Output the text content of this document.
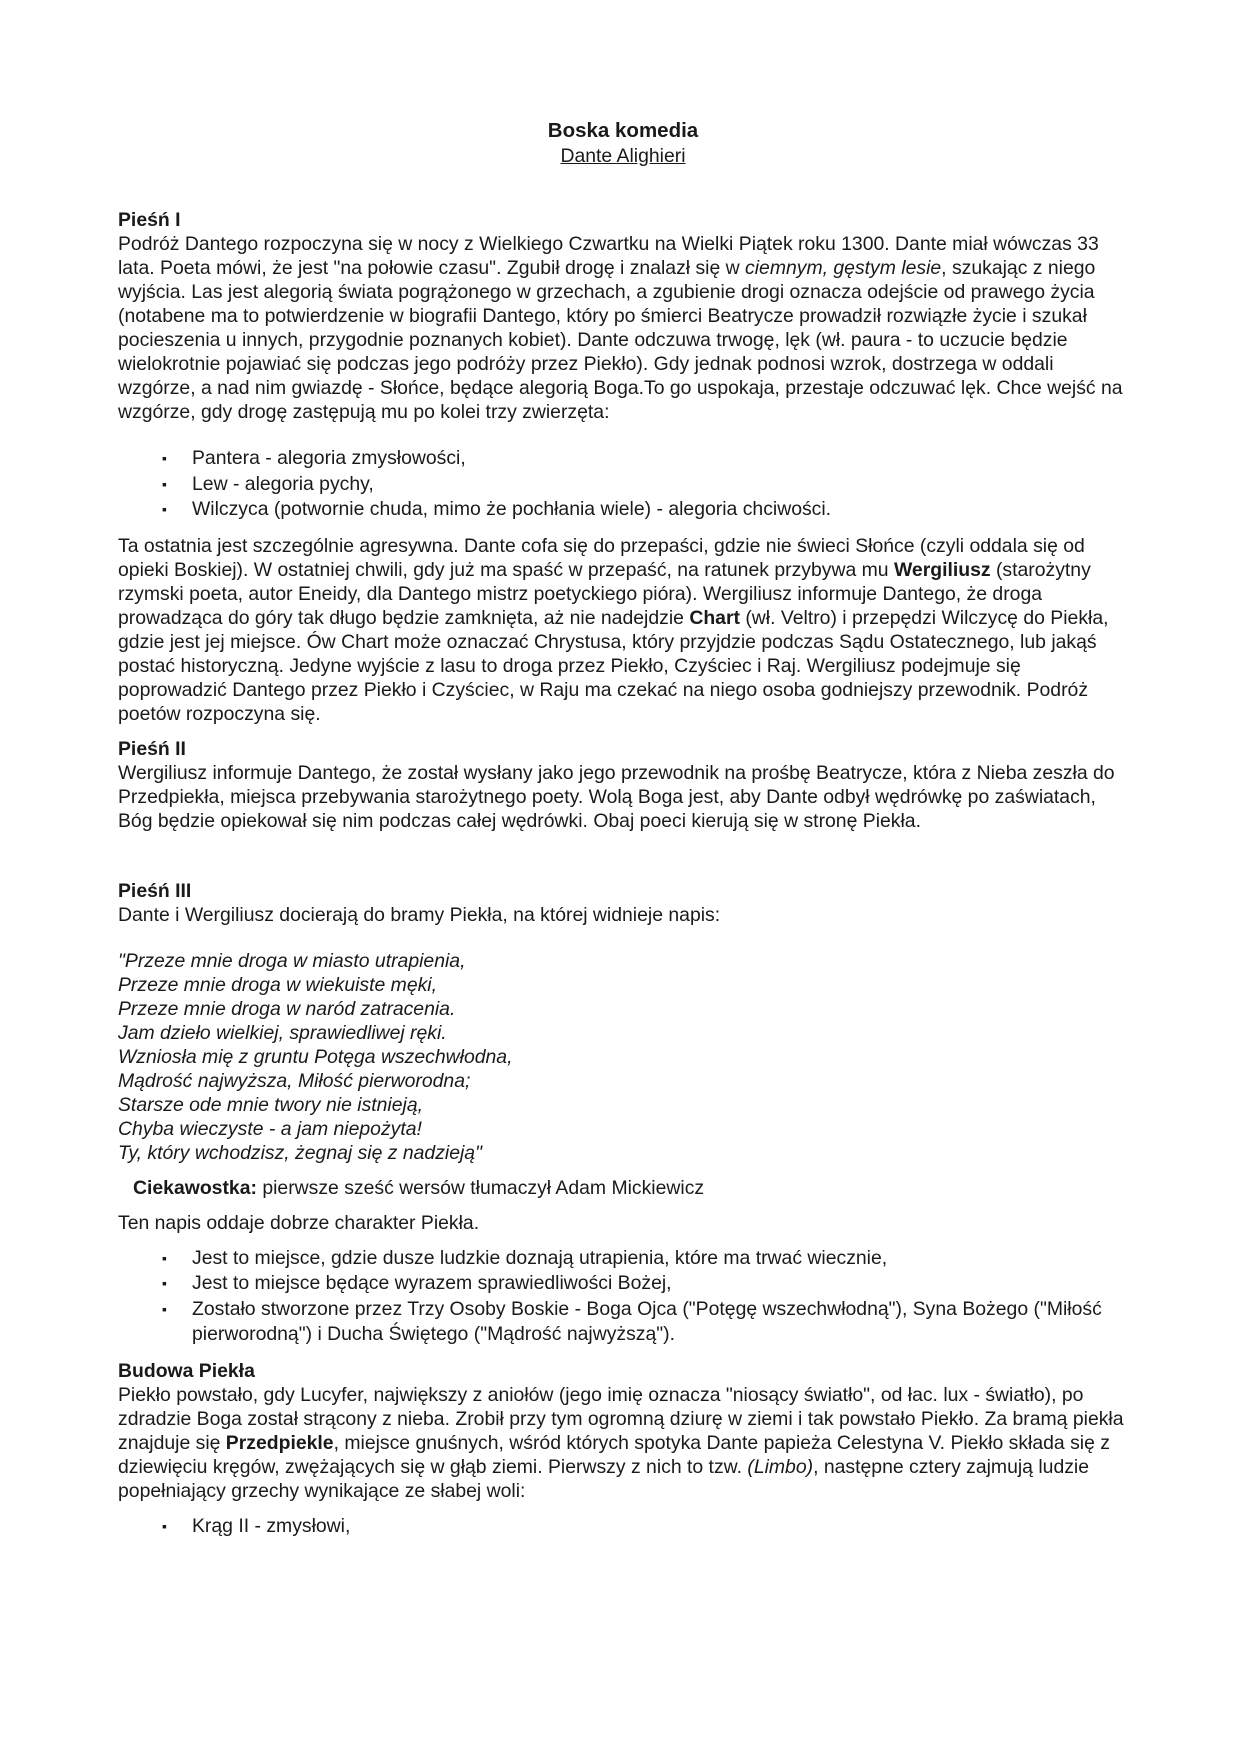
Boska komedia
Dante Alighieri
Pieśń I

Podróż Dantego rozpoczyna się w nocy z Wielkiego Czwartku na Wielki Piątek roku 1300. Dante miał wówczas 33 lata. Poeta mówi, że jest "na połowie czasu". Zgubił drogę i znalazł się w ciemnym, gęstym lesie, szukając z niego wyjścia. Las jest alegorią świata pogrążonego w grzechach, a zgubienie drogi oznacza odejście od prawego życia (notabene ma to potwierdzenie w biografii Dantego, który po śmierci Beatrycze prowadził rozwiązłe życie i szukał pocieszenia u innych, przygodnie poznanych kobiet). Dante odczuwa trwogę, lęk (wł. paura - to uczucie będzie wielokrotnie pojawiać się podczas jego podróży przez Piekło). Gdy jednak podnosi wzrok, dostrzega w oddali wzgórze, a nad nim gwiazdę - Słońce, będące alegorią Boga.To go uspokaja, przestaje odczuwać lęk. Chce wejść na wzgórze, gdy drogę zastępują mu po kolei trzy zwierzęta:

▪ Pantera - alegoria zmysłowości,
▪ Lew - alegoria pychy,
▪ Wilczyca (potwornie chuda, mimo że pochłania wiele) - alegoria chciwości.

Ta ostatnia jest szczególnie agresywna. Dante cofa się do przepaści, gdzie nie świeci Słońce (czyli oddala się od opieki Boskiej). W ostatniej chwili, gdy już ma spaść w przepaść, na ratunek przybywa mu Wergiliusz (starożytny rzymski poeta, autor Eneidy, dla Dantego mistrz poetyckiego pióra). Wergiliusz informuje Dantego, że droga prowadząca do góry tak długo będzie zamknięta, aż nie nadejdzie Chart (wł. Veltro) i przepędzi Wilczycę do Piekła, gdzie jest jej miejsce. Ów Chart może oznaczać Chrystusa, który przyjdzie podczas Sądu Ostatecznego, lub jakąś postać historyczną. Jedyne wyjście z lasu to droga przez Piekło, Czyściec i Raj. Wergiliusz podejmuje się poprowadzić Dantego przez Piekło i Czyściec, w Raju ma czekać na niego osoba godniejszy przewodnik. Podróż poetów rozpoczyna się.

Pieśń II

Wergiliusz informuje Dantego, że został wysłany jako jego przewodnik na prośbę Beatrycze, która z Nieba zeszła do Przedpiekła, miejsca przebywania starożytnego poety. Wolą Boga jest, aby Dante odbył wędrówkę po zaświatach, Bóg będzie opiekował się nim podczas całej wędrówki. Obaj poeci kierują się w stronę Piekła.

Pieśń III

Dante i Wergiliusz docierają do bramy Piekła, na której widnieje napis:

"Przeze mnie droga w miasto utrapienia,

Przeze mnie droga w wiekuiste męki,

Przeze mnie droga w naród zatracenia.

Jam dzieło wielkiej, sprawiedliwej ręki.

Wzniosła mię z gruntu Potęga wszechwłodna,

Mądrość najwyższa, Miłość pierworodna;

Starsze ode mnie twory nie istnieją,

Chyba wieczyste - a jam niepożyta!

Ty, który wchodzisz, żegnaj się z nadzieją"

Ciekawostka: pierwsze sześć wersów tłumaczył Adam Mickiewicz

Ten napis oddaje dobrze charakter Piekła.

▪ Jest to miejsce, gdzie dusze ludzkie doznają utrapienia, które ma trwać wiecznie,
▪ Jest to miejsce będące wyrazem sprawiedliwości Bożej,
▪ Zostało stworzone przez Trzy Osoby Boskie - Boga Ojca ("Potęgę wszechwłodną"), Syna Bożego ("Miłość pierworodną") i Ducha Świętego ("Mądrość najwyższą").
Budowa Piekła

Piekło powstało, gdy Lucyfer, największy z aniołów (jego imię oznacza "niosący światło", od łac. lux - światło), po zdradzie Boga został strącony z nieba. Zrobił przy tym ogromną dziurę w ziemi i tak powstało Piekło. Za bramą piekła znajduje się Przedpiekle, miejsce gnuśnych, wśród których spotyka Dante papieża Celestyna V. Piekło składa się z dziewięciu kręgów, zwężających się w głąb ziemi. Pierwszy z nich to tzw. (Limbo), następne cztery zajmują ludzie popełniający grzechy wynikające ze słabej woli:

▪ Krąg II - zmysłowi,
